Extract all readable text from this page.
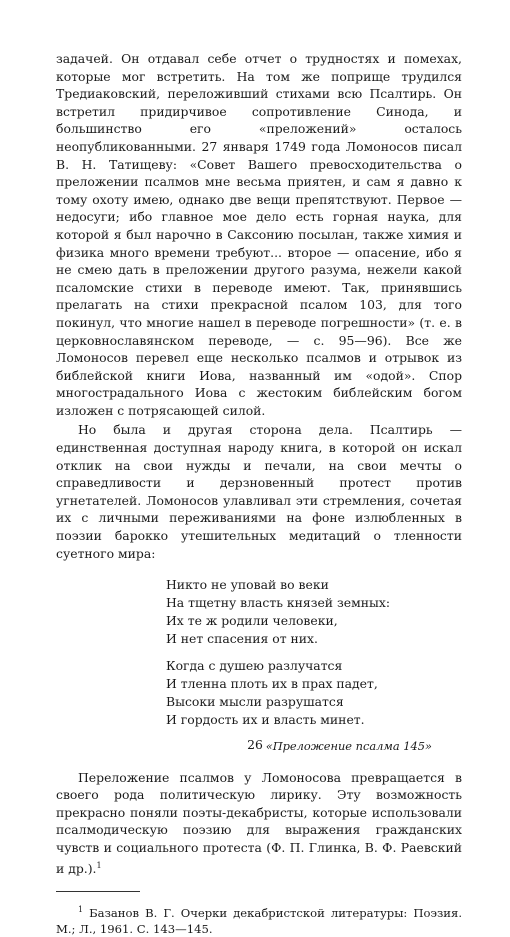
задачей. Он отдавал себе отчет о трудностях и помехах, которые мог встретить. На том же поприще трудился Тредиаковский, переложивший стихами всю Псалтирь. Он встретил придирчивое сопротивление Синода, и большинство его «преложений» осталось неопубликованными. 27 января 1749 года Ломоносов писал В. Н. Татищеву: «Совет Вашего превосходительства о преложении псалмов мне весьма приятен, и сам я давно к тому охоту имею, однако две вещи препятствуют. Первое — недосуги; ибо главное мое дело есть горная наука, для которой я был нарочно в Саксонию посылан, также химия и физика много времени требуют... второе — опасение, ибо я не смею дать в преложении другого разума, нежели какой псаломские стихи в переводе имеют. Так, принявшись прелагать на стихи прекрасной псалом 103, для того покинул, что многие нашел в переводе погрешности» (т. е. в церковнославянском переводе, — с. 95—96). Все же Ломоносов перевел еще несколько псалмов и отрывок из библейской книги Иова, названный им «одой». Спор многострадального Иова с жестоким библейским богом изложен с потрясающей силой.

Но была и другая сторона дела. Псалтирь — единственная доступная народу книга, в которой он искал отклик на свои нужды и печали, на свои мечты о справедливости и дерзновенный протест против угнетателей. Ломоносов улавливал эти стремления, сочетая их с личными переживаниями на фоне излюбленных в поэзии барокко утешительных медитаций о тленности суетного мира:

Никто не уповай во веки
На тщетну власть князей земных:
Их те ж родили человеки,
И нет спасения от них.
Когда с душею разлучатся
И тленна плоть их в прах падет,
Высоки мысли разрушатся
И гордость их и власть минет.
«Преложение псалма 145»

Переложение псалмов у Ломоносова превращается в своего рода политическую лирику. Эту возможность прекрасно поняли поэты-декабристы, которые использовали псалмодическую поэзию для выражения гражданских чувств и социального протеста (Ф. П. Глинка, В. Ф. Раевский и др.).$^1$

$^1$ Базанов В. Г. Очерки декабристской литературы: Поэзия. М.; Л., 1961. С. 143—145.

26
